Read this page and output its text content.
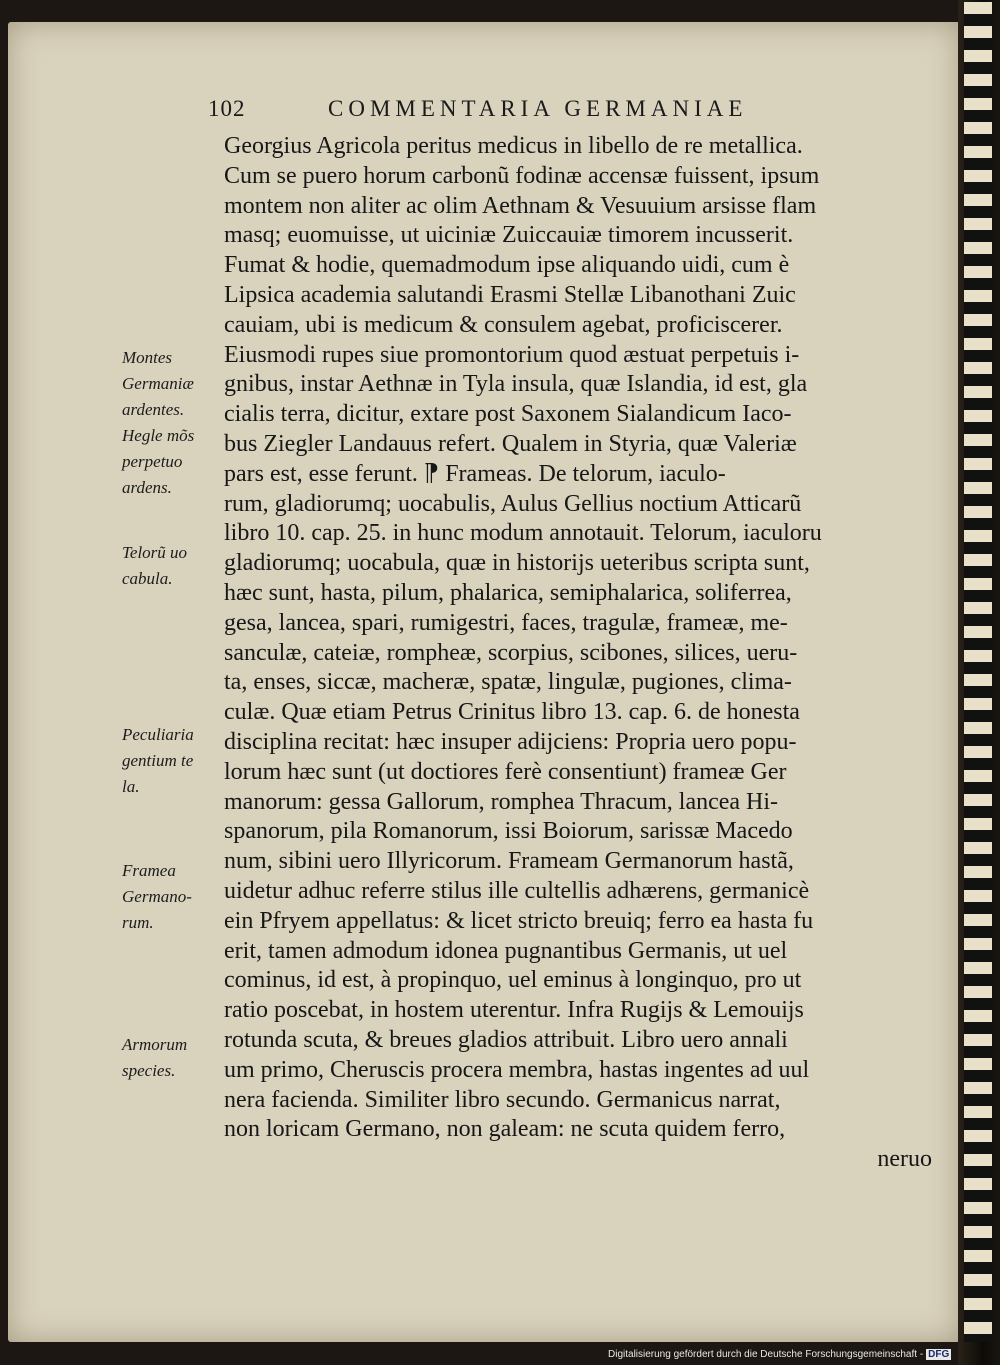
102	COMMENTARIA GERMANIAE
Georgius Agricola peritus medicus in libello de re metallica.
Cum se puero horum carbonũ fodinæ accensæ fuissent, ipsum
montem non aliter ac olim Aethnam & Vesuuium arsisse flam
masq; euomuisse, ut uiciniæ Zuiccauiæ timorem incusserit.
Fumat & hodie, quemadmodum ipse aliquando uidi, cum è
Lipsica academia salutandi Erasmi Stellæ Libanothani Zuic
cauiam, ubi is medicum & consulem agebat, proficiscerer.
Eiusmodi rupes siue promontorium quod æstuat perpetuis i-
gnibus, instar Aethnæ in Tyla insula, quæ Islandia, id est, gla
cialis terra, dicitur, extare post Saxonem Sialandicum Iaco-
bus Ziegler Landauus refert. Qualem in Styria, quæ Valeriæ
pars est, esse ferunt. ⁋ Frameas. De telorum, iaculo-
rum, gladiorumq; uocabulis, Aulus Gellius noctium Atticarũ
libro 10. cap. 25. in hunc modum annotauit. Telorum, iaculoru
gladiorumq; uocabula, quæ in historijs ueteribus scripta sunt,
hæc sunt, hasta, pilum, phalarica, semiphalarica, soliferrea,
gesa, lancea, spari, rumigestri, faces, tragulæ, frameæ, me-
sanculæ, cateiæ, rompheæ, scorpius, scibones, silices, ueru-
ta, enses, siccæ, macheræ, spatæ, lingulæ, pugiones, clima-
culæ. Quæ etiam Petrus Crinitus libro 13. cap. 6. de honesta
disciplina recitat: hæc insuper adijciens: Propria uero popu-
lorum hæc sunt (ut doctiores ferè consentiunt) frameæ Ger
manorum: gessa Gallorum, romphea Thracum, lancea Hi-
spanorum, pila Romanorum, issi Boiorum, sarissæ Macedo
num, sibini uero Illyricorum. Frameam Germanorum hastã,
uidetur adhuc referre stilus ille cultellis adhærens, germanicè
ein Pfryem appellatus: & licet stricto breuiq; ferro ea hasta fu
erit, tamen admodum idonea pugnantibus Germanis, ut uel
cominus, id est, à propinquo, uel eminus à longinquo, pro ut
ratio poscebat, in hostem uterentur. Infra Rugijs & Lemouijs
rotunda scuta, & breues gladios attribuit. Libro uero annali
um primo, Cheruscis procera membra, hastas ingentes ad uul
nera facienda. Similiter libro secundo. Germanicus narrat,
non loricam Germano, non galeam: ne scuta quidem ferro,
neruo
Montes
Germaniæ
ardentes.
Hegle mõs
perpetuo
ardens.
Telorũ uo
cabula.
Peculiaria
gentium te
la.
Framea
Germano-
rum.
Armorum
species.
Digitalisierung gefördert durch die Deutsche Forschungsgemeinschaft - DFG
